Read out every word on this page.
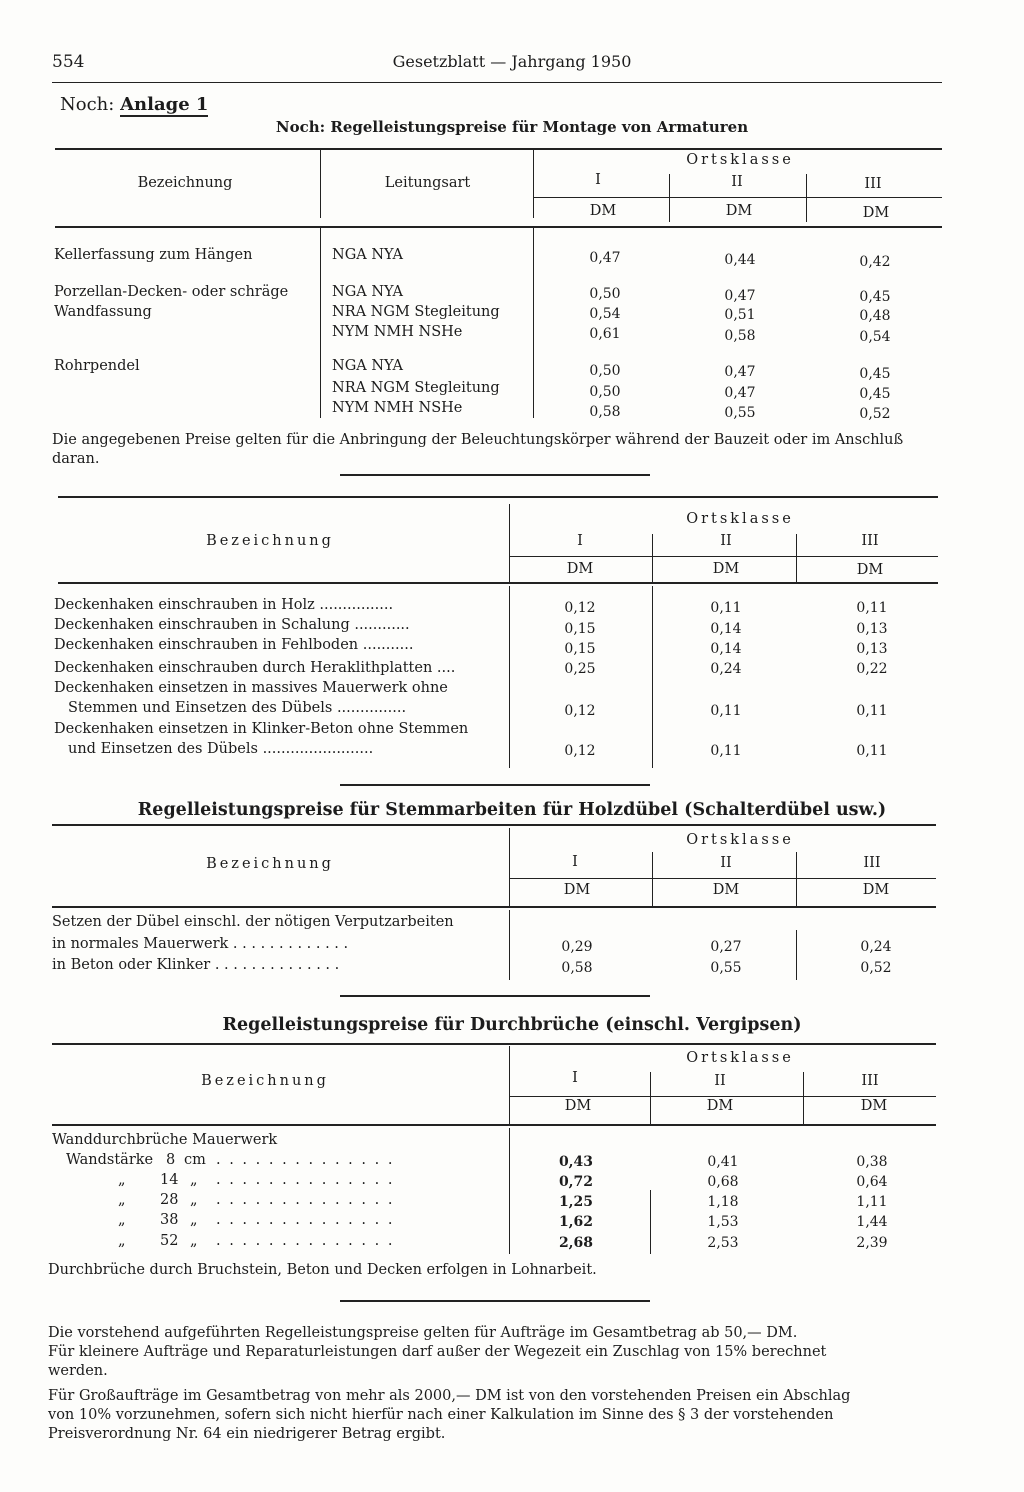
554	Gesetzblatt — Jahrgang 1950
Noch: Anlage 1
Noch: Regelleistungspreise für Montage von Armaturen
Bezeichnung	Leitungsart
Ortsklasse
I	II	III
DM	DM	DM
Kellerfassung zum Hängen	NGA NYA	0,47	0,44	0,42
Porzellan-Decken- oder schräge	NGA NYA	0,50	0,47	0,45
Wandfassung	NRA NGM Stegleitung	0,54	0,51	0,48
NYM NMH NSHe	0,61	0,58	0,54
Rohrpendel	NGA NYA	0,50	0,47	0,45
NRA NGM Stegleitung	0,50	0,47	0,45
NYM NMH NSHe	0,58	0,55	0,52
Die angegebenen Preise gelten für die Anbringung der Beleuchtungskörper während der Bauzeit oder im Anschluß
daran.
Bezeichnung
Ortsklasse
I	II	III
DM	DM	DM
Deckenhaken einschrauben in Holz ................	0,12	0,11	0,11
Deckenhaken einschrauben in Schalung ............	0,15	0,14	0,13
Deckenhaken einschrauben in Fehlboden ...........	0,15	0,14	0,13
Deckenhaken einschrauben durch Heraklithplatten ....	0,25	0,24	0,22
Deckenhaken einsetzen in massives Mauerwerk ohne
Stemmen und Einsetzen des Dübels ...............	0,12	0,11	0,11
Deckenhaken einsetzen in Klinker-Beton ohne Stemmen
und Einsetzen des Dübels ........................	0,12	0,11	0,11
Regelleistungspreise für Stemmarbeiten für Holzdübel (Schalterdübel usw.)
Bezeichnung
Ortsklasse
I	II	III
DM	DM	DM
Setzen der Dübel einschl. der nötigen Verputzarbeiten
in normales Mauerwerk . . . . . . . . . . . . .	0,29	0,27	0,24
in Beton oder Klinker . . . . . . . . . . . . . .	0,58	0,55	0,52
Regelleistungspreise für Durchbrüche (einschl. Vergipsen)
Bezeichnung
Ortsklasse
I	II	III
DM	DM	DM
Wanddurchbrüche Mauerwerk
Wandstärke 8 cm . . . . . . . . . . . . . .	0,43	0,41	0,38
„ 14 „ . . . . . . . . . . . . . .	0,72	0,68	0,64
„ 28 „ . . . . . . . . . . . . . .	1,25	1,18	1,11
„ 38 „ . . . . . . . . . . . . . .	1,62	1,53	1,44
„ 52 „ . . . . . . . . . . . . . .	2,68	2,53	2,39
Durchbrüche durch Bruchstein, Beton und Decken erfolgen in Lohnarbeit.
Die vorstehend aufgeführten Regelleistungspreise gelten für Aufträge im Gesamtbetrag ab 50,— DM.
Für kleinere Aufträge und Reparaturleistungen darf außer der Wegezeit ein Zuschlag von 15% berechnet
werden.
Für Großaufträge im Gesamtbetrag von mehr als 2000,— DM ist von den vorstehenden Preisen ein Abschlag
von 10% vorzunehmen, sofern sich nicht hierfür nach einer Kalkulation im Sinne des § 3 der vorstehenden
Preisverordnung Nr. 64 ein niedrigerer Betrag ergibt.
